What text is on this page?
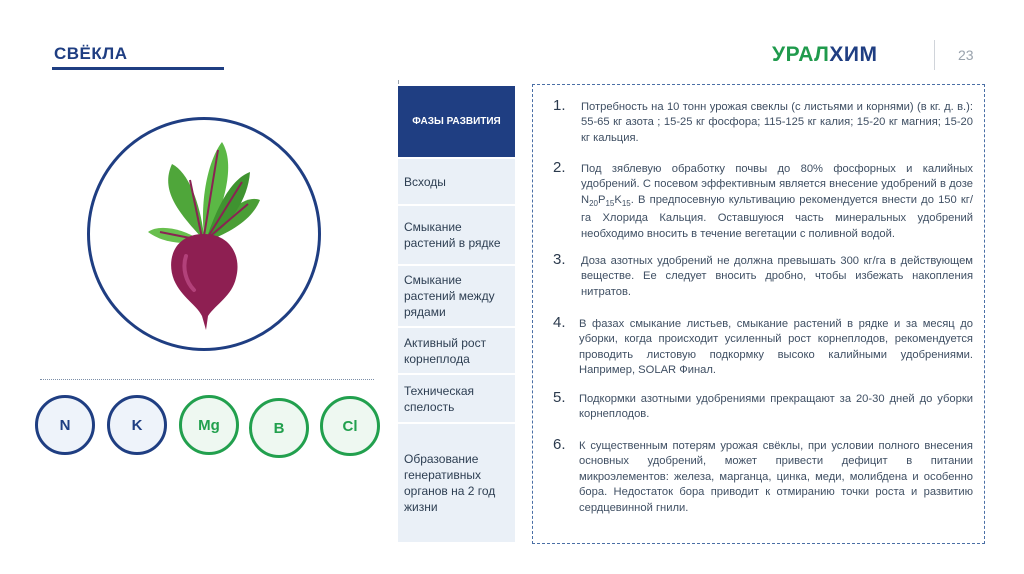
СВЁКЛА	УРАЛХИМ	23
N	K	Mg	B	Cl
ФАЗЫ РАЗВИТИЯ
Всходы
Смыкание растений в рядке
Смыкание растений между рядами
Активный рост корнеплода
Техническая спелость
Образование генеративных органов на 2 год жизни
1. Потребность на 10 тонн урожая свеклы (с листьями и корнями) (в кг. д. в.): 55-65 кг азота ; 15-25 кг фосфора; 115-125 кг калия; 15-20 кг магния; 15-20 кг кальция.
2. Под зяблевую обработку почвы до 80% фосфорных и калийных удобрений. С посевом эффективным является внесение удобрений в дозе $N_{20}P_{15}K_{15}$. В предпосевную культивацию рекомендуется внести до 150 кг/га Хлорида Кальция. Оставшуюся часть минеральных удобрений необходимо вносить в течение вегетации с поливной водой.
3. Доза азотных удобрений не должна превышать 300 кг/га в действующем веществе. Ее следует вносить дробно, чтобы избежать накопления нитратов.
4. В фазах смыкание листьев, смыкание растений в рядке и за месяц до уборки, когда происходит усиленный рост корнеплодов, рекомендуется проводить листовую подкормку высоко калийными удобрениями. Например, SOLAR Финал.
5. Подкормки азотными удобрениями прекращают за 20-30 дней до уборки корнеплодов.
6. К существенным потерям урожая свёклы, при условии полного внесения основных удобрений, может привести дефицит в питании микроэлементов: железа, марганца, цинка, меди, молибдена и особенно бора. Недостаток бора приводит к отмиранию точки роста и развитию сердцевинной гнили.
